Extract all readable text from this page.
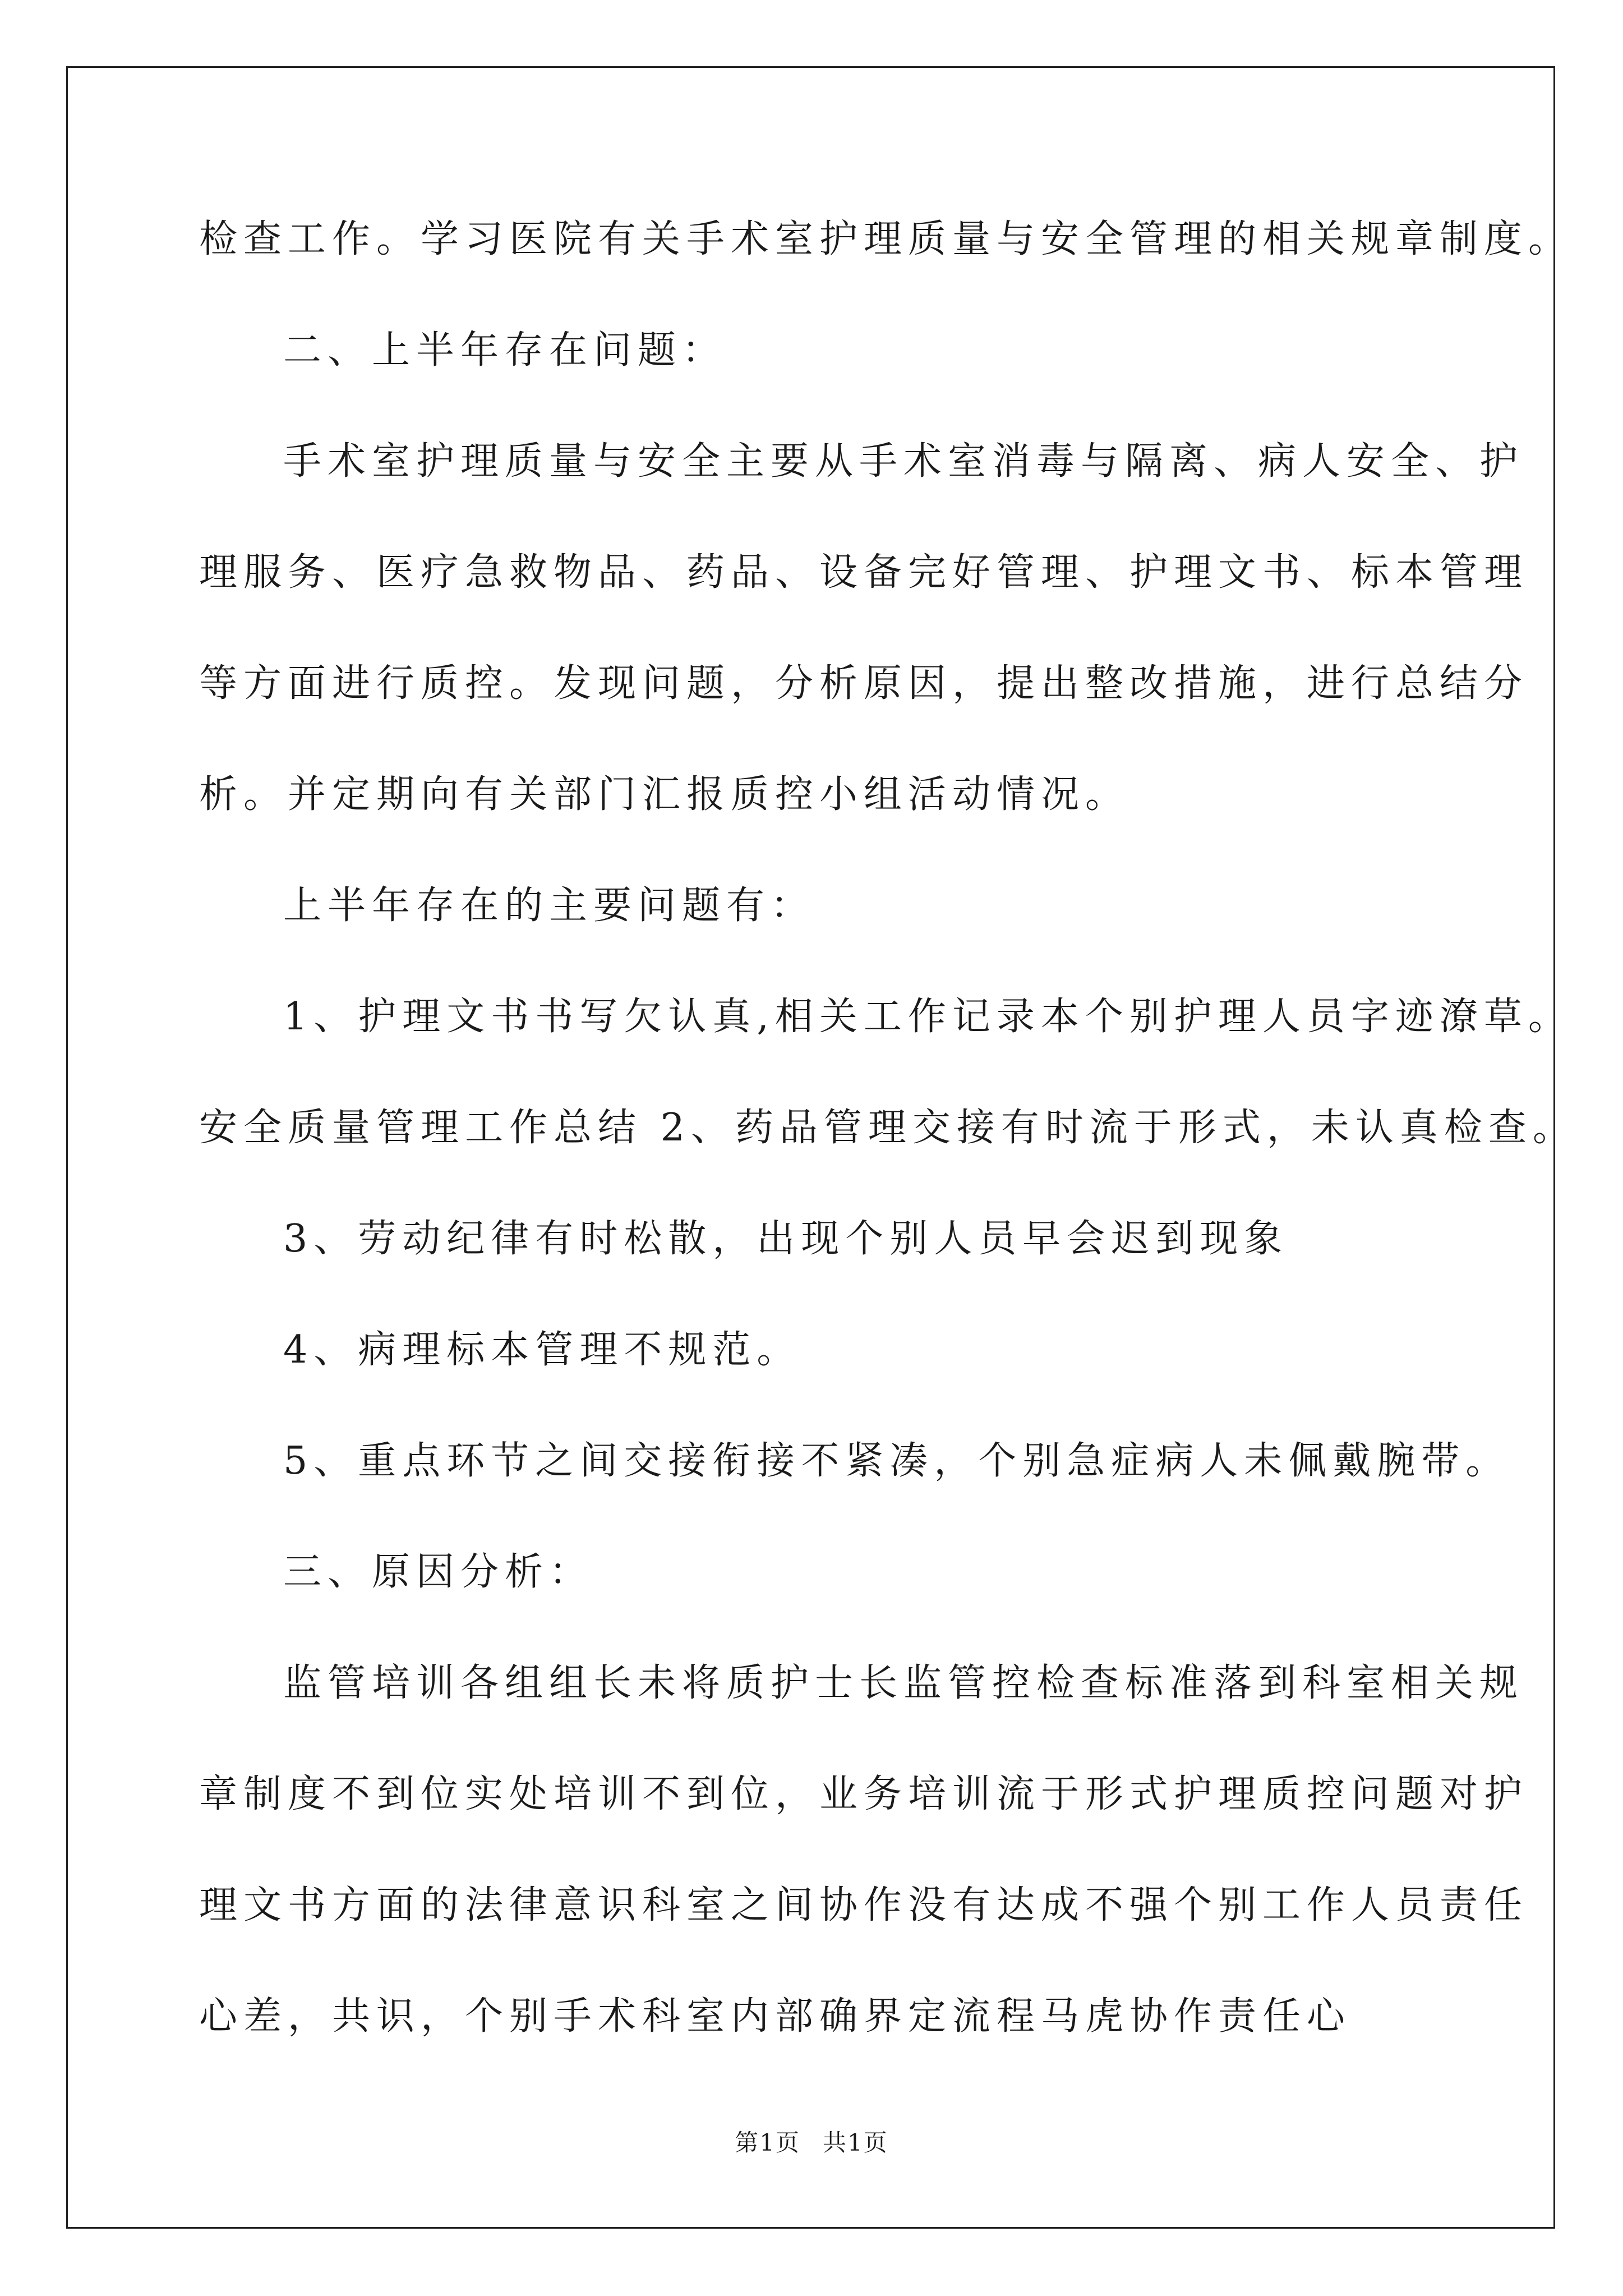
检查工作。学习医院有关手术室护理质量与安全管理的相关规章制度。
二、上半年存在问题：
手术室护理质量与安全主要从手术室消毒与隔离、病人安全、护
理服务、医疗急救物品、药品、设备完好管理、护理文书、标本管理
等方面进行质控。发现问题，分析原因，提出整改措施，进行总结分
析。并定期向有关部门汇报质控小组活动情况。
上半年存在的主要问题有：
1、护理文书书写欠认真,相关工作记录本个别护理人员字迹潦草。
安全质量管理工作总结 2、药品管理交接有时流于形式，未认真检查。
3、劳动纪律有时松散，出现个别人员早会迟到现象
4、病理标本管理不规范。
5、重点环节之间交接衔接不紧凑，个别急症病人未佩戴腕带。
三、原因分析：
监管培训各组组长未将质护士长监管控检查标准落到科室相关规
章制度不到位实处培训不到位，业务培训流于形式护理质控问题对护
理文书方面的法律意识科室之间协作没有达成不强个别工作人员责任
心差，共识，个别手术科室内部确界定流程马虎协作责任心
第1页 共1页
